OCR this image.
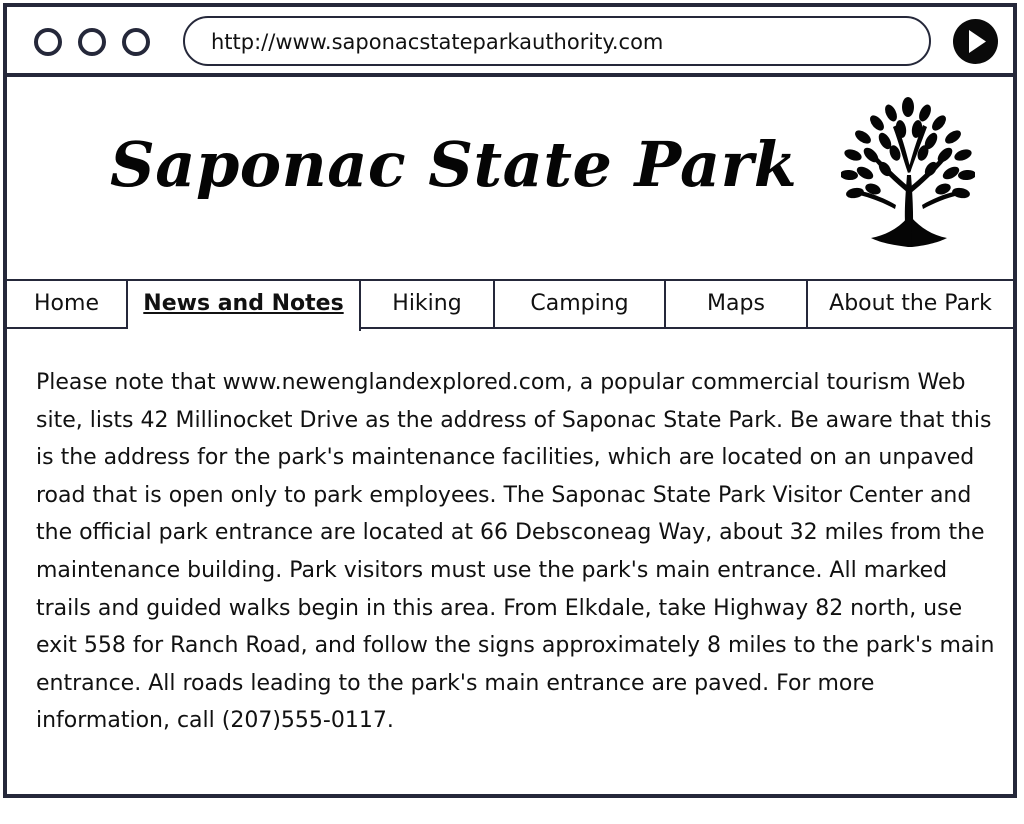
http://www.saponacstateparkauthority.com
Saponac State Park
Home	News and Notes	Hiking	Camping	Maps	About the Park

Please note that www.newenglandexplored.com, a popular commercial tourism Web site, lists 42 Millinocket Drive as the address of Saponac State Park. Be aware that this is the address for the park's maintenance facilities, which are located on an unpaved road that is open only to park employees. The Saponac State Park Visitor Center and the official park entrance are located at 66 Debsconeag Way, about 32 miles from the maintenance building. Park visitors must use the park's main entrance. All marked trails and guided walks begin in this area. From Elkdale, take Highway 82 north, use exit 558 for Ranch Road, and follow the signs approximately 8 miles to the park's main entrance. All roads leading to the park's main entrance are paved. For more information, call (207)555-0117.
